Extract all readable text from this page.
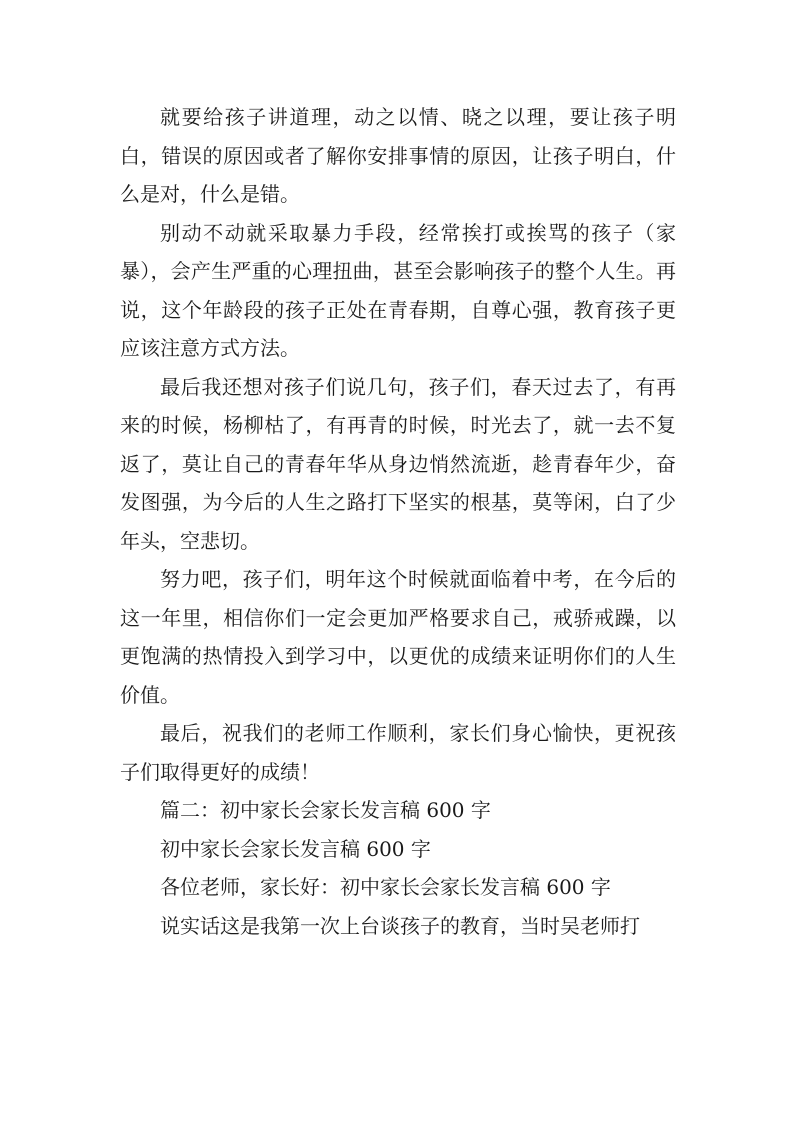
就要给孩子讲道理，动之以情、晓之以理，要让孩子明白，错误的原因或者了解你安排事情的原因，让孩子明白，什么是对，什么是错。

别动不动就采取暴力手段，经常挨打或挨骂的孩子（家暴），会产生严重的心理扭曲，甚至会影响孩子的整个人生。再说，这个年龄段的孩子正处在青春期，自尊心强，教育孩子更应该注意方式方法。

最后我还想对孩子们说几句，孩子们，春天过去了，有再来的时候，杨柳枯了，有再青的时候，时光去了，就一去不复返了，莫让自己的青春年华从身边悄然流逝，趁青春年少，奋发图强，为今后的人生之路打下坚实的根基，莫等闲，白了少年头，空悲切。

努力吧，孩子们，明年这个时候就面临着中考，在今后的这一年里，相信你们一定会更加严格要求自己，戒骄戒躁，以更饱满的热情投入到学习中，以更优的成绩来证明你们的人生价值。

最后，祝我们的老师工作顺利，家长们身心愉快，更祝孩子们取得更好的成绩！

篇二：初中家长会家长发言稿 600 字

初中家长会家长发言稿 600 字

各位老师，家长好：初中家长会家长发言稿 600 字

说实话这是我第一次上台谈孩子的教育，当时吴老师打
